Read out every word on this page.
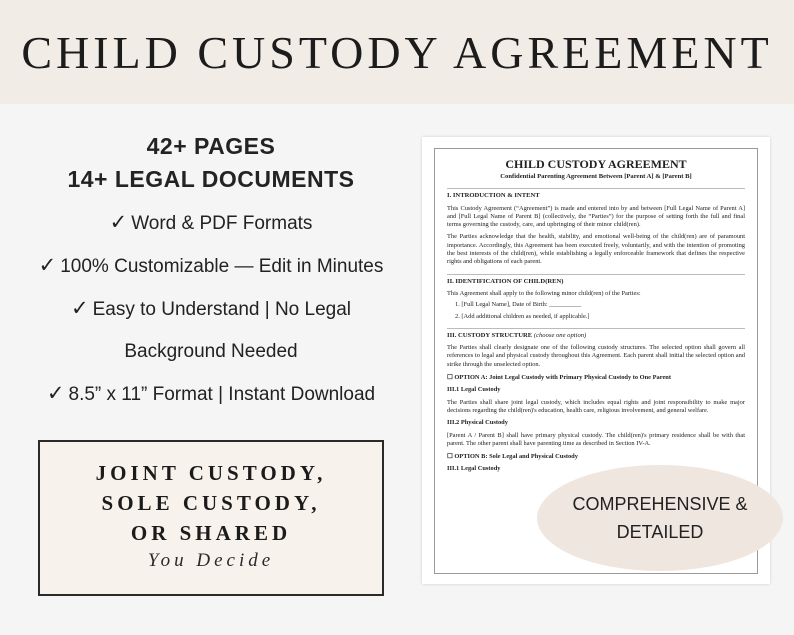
CHILD CUSTODY AGREEMENT
42+ PAGES
14+ LEGAL DOCUMENTS
✓ Word & PDF Formats
✓ 100% Customizable — Edit in Minutes
✓ Easy to Understand | No Legal
Background Needed
✓ 8.5” x 11” Format | Instant Download
JOINT CUSTODY,
SOLE CUSTODY,
OR SHARED
You Decide
CHILD CUSTODY AGREEMENT
Confidential Parenting Agreement Between [Parent A] & [Parent B]
I. INTRODUCTION & INTENT

This Custody Agreement (“Agreement”) is made and entered into by and between [Full Legal Name of Parent A] and [Full Legal Name of Parent B] (collectively, the “Parties”) for the purpose of setting forth the full and final terms governing the custody, care, and upbringing of their minor child(ren).

The Parties acknowledge that the health, stability, and emotional well-being of the child(ren) are of paramount importance. Accordingly, this Agreement has been executed freely, voluntarily, and with the intention of promoting the best interests of the child(ren), while establishing a legally enforceable framework that defines the respective rights and obligations of each parent.

II. IDENTIFICATION OF CHILD(REN)

This Agreement shall apply to the following minor child(ren) of the Parties:

1. [Full Legal Name], Date of Birth: __________
2. [Add additional children as needed, if applicable.]
III. CUSTODY STRUCTURE (choose one option)

The Parties shall clearly designate one of the following custody structures. The selected option shall govern all references to legal and physical custody throughout this Agreement. Each parent shall initial the selected option and strike through the unselected option.

☐ OPTION A: Joint Legal Custody with Primary Physical Custody to One Parent
III.1 Legal Custody

The Parties shall share joint legal custody, which includes equal rights and joint responsibility to make major decisions regarding the child(ren)'s education, health care, religious involvement, and general welfare.

III.2 Physical Custody

[Parent A / Parent B] shall have primary physical custody. The child(ren)'s primary residence shall be with that parent. The other parent shall have parenting time as described in Section IV-A.

☐ OPTION B: Sole Legal and Physical Custody
III.1 Legal Custody
COMPREHENSIVE &
DETAILED
